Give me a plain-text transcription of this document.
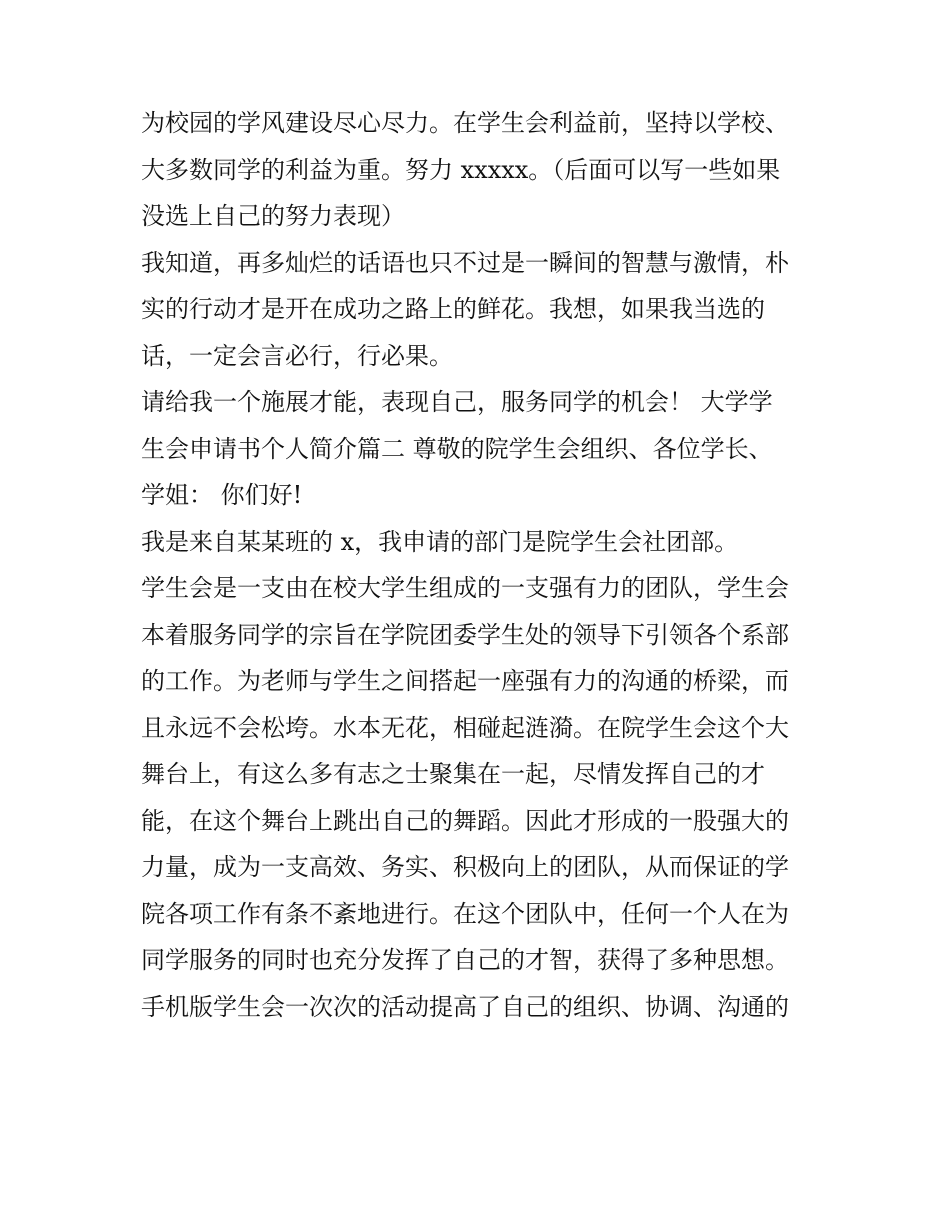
为校园的学风建设尽心尽力。在学生会利益前，坚持以学校、
大多数同学的利益为重。努力 xxxxx。（后面可以写一些如果
没选上自己的努力表现）
我知道，再多灿烂的话语也只不过是一瞬间的智慧与激情，朴
实的行动才是开在成功之路上的鲜花。我想，如果我当选的
话，一定会言必行，行必果。
请给我一个施展才能，表现自己，服务同学的机会！ 大学学
生会申请书个人简介篇二 尊敬的院学生会组织、各位学长、
学姐： 你们好!
我是来自某某班的 x，我申请的部门是院学生会社团部。
学生会是一支由在校大学生组成的一支强有力的团队，学生会
本着服务同学的宗旨在学院团委学生处的领导下引领各个系部
的工作。为老师与学生之间搭起一座强有力的沟通的桥梁，而
且永远不会松垮。水本无花，相碰起涟漪。在院学生会这个大
舞台上，有这么多有志之士聚集在一起，尽情发挥自己的才
能，在这个舞台上跳出自己的舞蹈。因此才形成的一股强大的
力量，成为一支高效、务实、积极向上的团队，从而保证的学
院各项工作有条不紊地进行。在这个团队中，任何一个人在为
同学服务的同时也充分发挥了自己的才智，获得了多种思想。
手机版学生会一次次的活动提高了自己的组织、协调、沟通的
